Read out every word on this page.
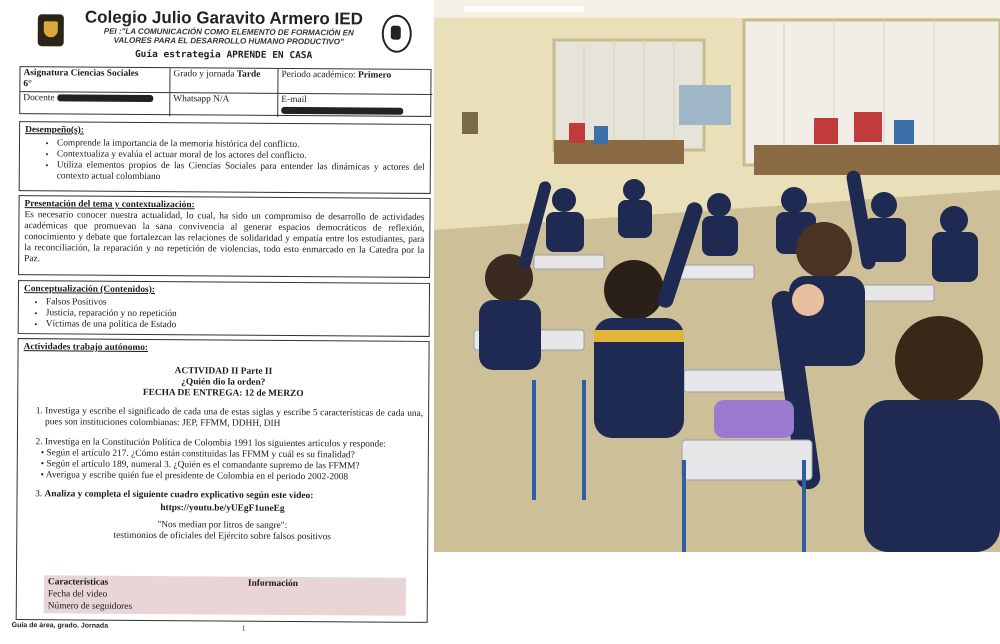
Colegio Julio Garavito Armero IED
PEI :"LA COMUNICACIÓN COMO ELEMENTO DE FORMACIÓN EN VALORES PARA EL DESARROLLO HUMANO PRODUCTIVO"
Guía estrategia APRENDE EN CASA
Asignatura Ciencias Sociales
6°
Grado y jornada Tarde	Periodo académico: Primero
Docente	Whatsapp N/A	E-mail

Desempeño(s):
• Comprende la importancia de la memoria histórica del conflicto.
• Contextualiza y evalúa el actuar moral de los actores del conflicto.
• Utiliza elementos propios de las Ciencias Sociales para entender las dinámicas y actores del contexto actual colombiano
Presentación del tema y contextualización:
Es necesario conocer nuestra actualidad, lo cual, ha sido un compromiso de desarrollo de actividades académicas que promuevan la sana convivencia al generar espacios democráticos de reflexión, conocimiento y debate que fortalezcan las relaciones de solidaridad y empatía entre los estudiantes, para la reconciliación, la reparación y no repetición de violencias, todo esto enmarcado en la Catedra por la Paz.
Conceptualización (Contenidos):
• Falsos Positivos
• Justicia, reparación y no repetición
• Víctimas de una política de Estado
Actividades trabajo autónomo:
ACTIVIDAD II Parte II
¿Quién dio la orden?
FECHA DE ENTREGA: 12 de MERZO
1. Investiga y escribe el significado de cada una de estas siglas y escribe 5 características de cada una, pues son instituciones colombianas: JEP, FFMM, DDHH, DIH
2. Investiga en la Constitución Política de Colombia 1991 los siguientes artículos y responde:
• Según el artículo 217. ¿Cómo están constituidas las FFMM y cuál es su finalidad?
• Según el artículo 189, numeral 3. ¿Quién es el comandante supremo de las FFMM?
• Averigua y escribe quién fue el presidente de Colombia en el periodo 2002-2008
3. Analiza y completa el siguiente cuadro explicativo según este video:
https://youtu.be/yUEgF1uneEg
"Nos median por litros de sangre":
testimonios de oficiales del Ejército sobre falsos positivos
Características	Información
Fecha del video
Número de seguidores
Guía de área, grado. Jornada	1
